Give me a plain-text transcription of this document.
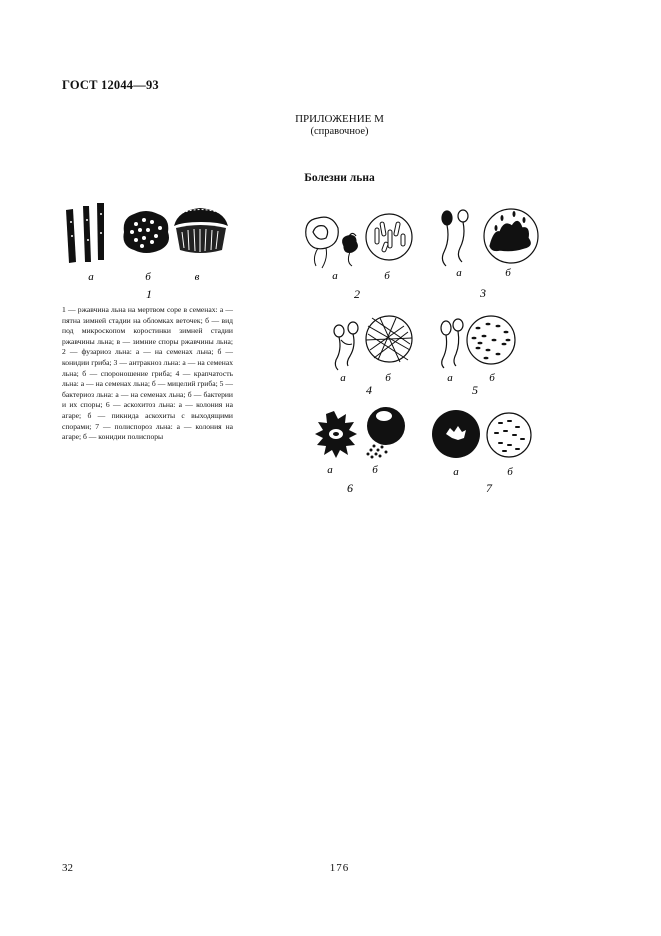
ГОСТ 12044—93
ПРИЛОЖЕНИЕ М
(справочное)
Болезни льна
а	б	в
1
а	б
2
а	б
3
а	б
4
а	б
5
а	б
6
а	б
7
1 — ржавчина льна на мертвом соре в семенах: а — пятна зимней стадии на обломках веточек; б — вид под микроскопом коростинки зимней стадии ржавчины льна; в — зимние споры ржавчины льна; 2 — фузариоз льна: а — на семенах льна; б — конидии гриба; 3 — антракноз льна: а — на семенах льна; б — спороношение гриба; 4 — крапчатость льна: а — на семенах льна; б — мицелий гриба; 5 — бактериоз льна: а — на семенах льна; б — бактерии и их споры; 6 — аскохитоз льна: а — колония на агаре; б — пикнида аскохиты с выходящими спорами; 7 — полиспороз льна: а — колония на агаре; б — конидии полиспоры
32	176
